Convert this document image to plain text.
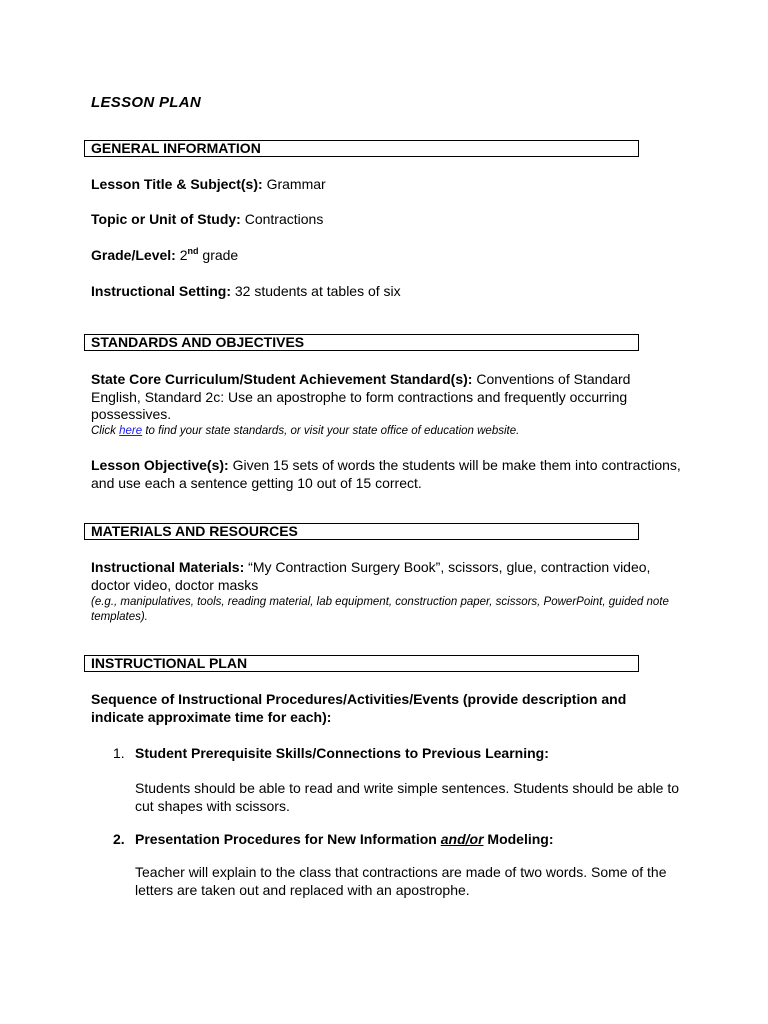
LESSON PLAN
GENERAL INFORMATION
Lesson Title & Subject(s): Grammar
Topic or Unit of Study: Contractions
Grade/Level: 2nd grade
Instructional Setting: 32 students at tables of six
STANDARDS AND OBJECTIVES
State Core Curriculum/Student Achievement Standard(s): Conventions of Standard English, Standard 2c: Use an apostrophe to form contractions and frequently occurring possessives.
Click here to find your state standards, or visit your state office of education website.
Lesson Objective(s): Given 15 sets of words the students will be make them into contractions, and use each a sentence getting 10 out of 15 correct.
MATERIALS AND RESOURCES
Instructional Materials: “My Contraction Surgery Book”, scissors, glue, contraction video, doctor video, doctor masks
(e.g., manipulatives, tools, reading material, lab equipment, construction paper, scissors, PowerPoint, guided note templates).
INSTRUCTIONAL PLAN
Sequence of Instructional Procedures/Activities/Events (provide description and indicate approximate time for each):
1. Student Prerequisite Skills/Connections to Previous Learning:
Students should be able to read and write simple sentences. Students should be able to cut shapes with scissors.
2. Presentation Procedures for New Information and/or Modeling:
Teacher will explain to the class that contractions are made of two words. Some of the letters are taken out and replaced with an apostrophe.
